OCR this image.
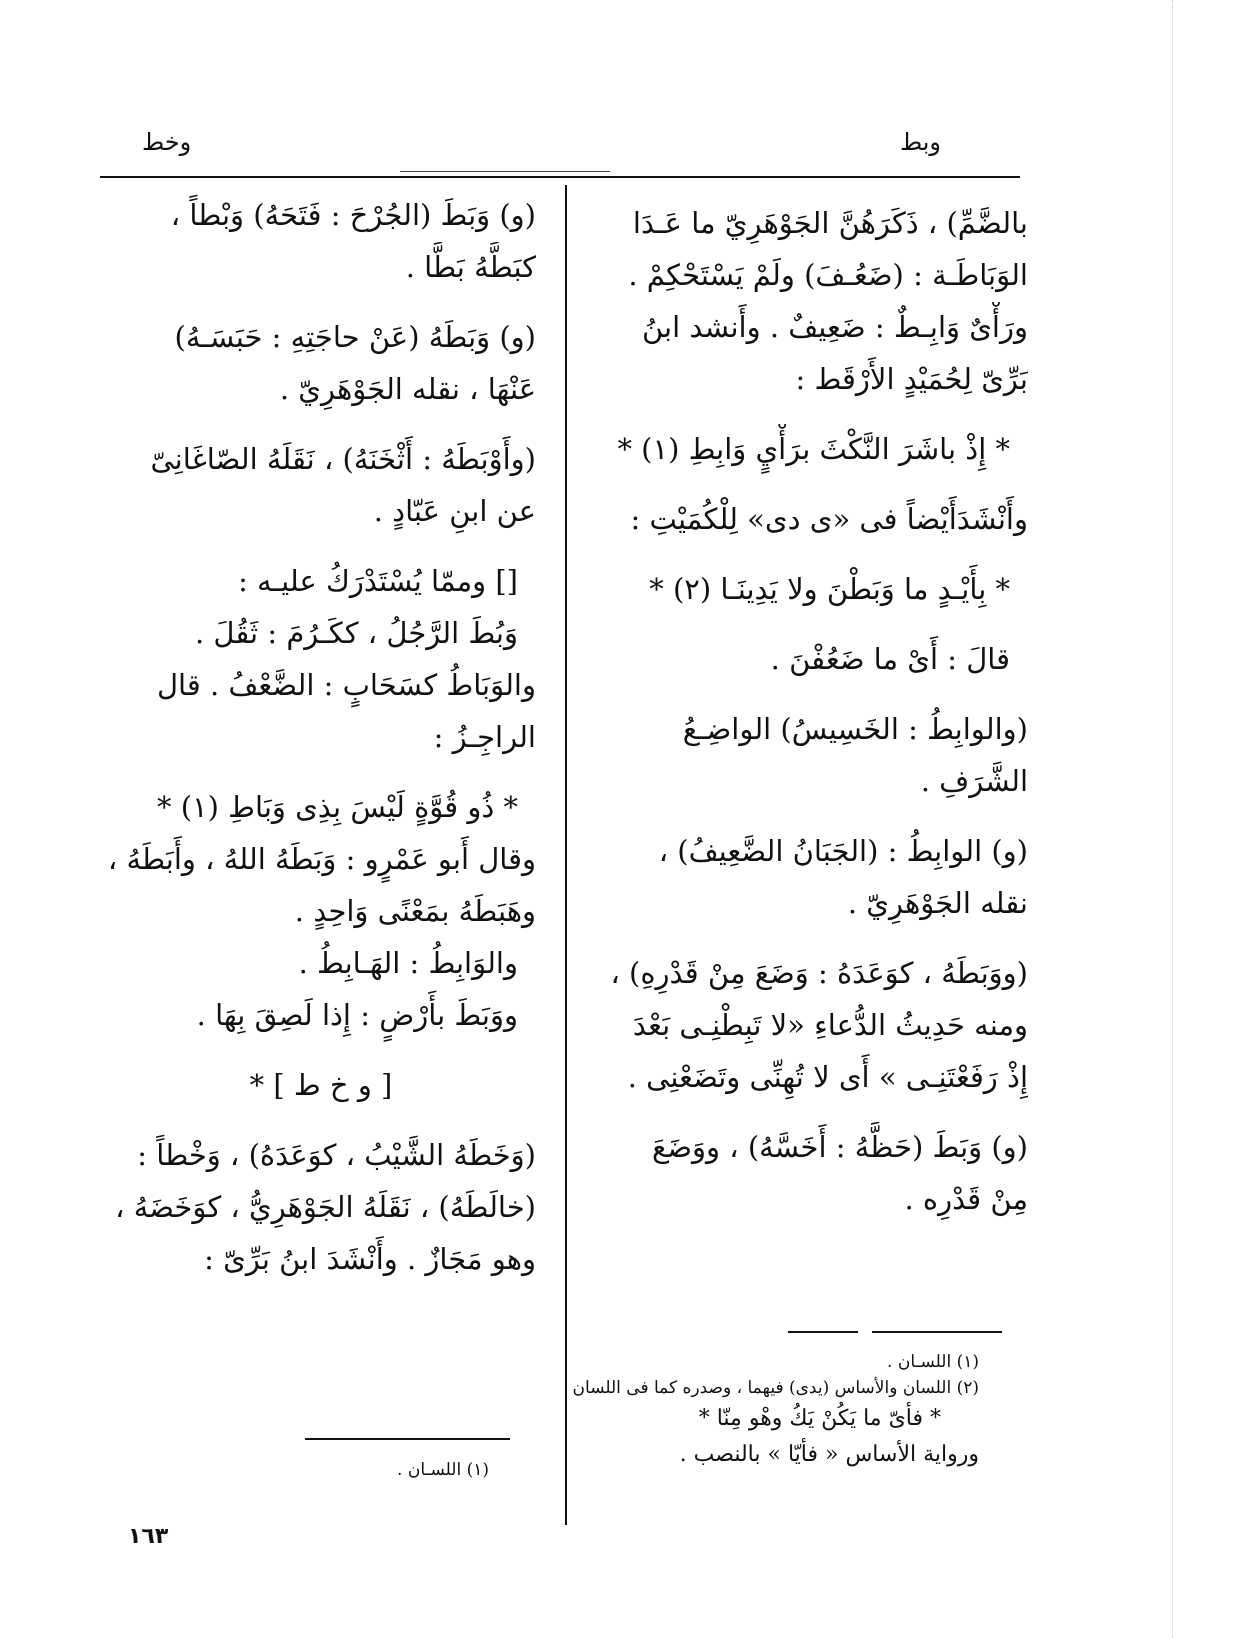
وبط
وخط
بالضَّمِّ) ، ذَكَرَهُنَّ الجَوْهَرِيّ ما عَـدَا
الوَبَاطَـة : (ضَعُـفَ) ولَمْ يَسْتَحْكِمْ .
ورَأْىٌ وَابِـطٌ : ضَعِيفٌ . وأَنشد ابنُ
بَرِّىّ لِحُمَيْدٍ الأَرْقَط :
* إِذْ باشَرَ النَّكْثَ برَأْيٍ وَابِطِ (١) *
وأَنْشَدَأَيْضاً فى «ى دى» لِلْكُمَيْتِ :
* بِأَيْـدٍ ما وَبَطْنَ ولا يَدِينَـا (٢) *
قالَ : أَىْ ما ضَعُفْنَ .
(والوابِطُ : الخَسِيسُ) الواضِـعُ
الشَّرَفِ .
(و) الوابِطُ : (الجَبَانُ الضَّعِيفُ) ،
نقله الجَوْهَرِيّ .
(ووَبَطَهُ ، كوَعَدَهُ : وَضَعَ مِنْ قَدْرِهِ) ،
ومنه حَدِيثُ الدُّعاءِ «لا تَبِطْنِـى بَعْدَ
إِذْ رَفَعْتَنِـى » أَى لا تُهِنِّى وتَضَعْنِى .
(و) وَبَطَ (حَظَّهُ : أَخَسَّهُ) ، ووَضَعَ
مِنْ قَدْرِه .
(١) اللسـان .
(٢) اللسان والأساس (يدى) فيهما ، وصدره كما فى اللسان
* فأىّ ما يَكُنْ يَكُ وهْو مِنّا *
ورواية الأساس « فأيّا » بالنصب .
(و) وَبَطَ (الجُرْحَ : فَتَحَهُ) وَبْطاً ،
كبَطَّهُ بَطًّا .
(و) وَبَطَهُ (عَنْ حاجَتِهِ : حَبَسَـهُ)
عَنْهَا ، نقله الجَوْهَرِيّ .
(وأَوْبَطَهُ : أَثْخَنَهُ) ، نَقَلَهُ الصّاغَانِىّ
عن ابنِ عَبّادٍ .
[] وممّا يُسْتَدْرَكُ عليـه :
وَبُطَ الرَّجُلُ ، ككَـرُمَ : ثَقُلَ .
والوَبَاطُ كسَحَابٍ : الضَّعْفُ . قال
الراجِـزُ :
* ذُو قُوَّةٍ لَيْسَ بِذِى وَبَاطِ (١) *
وقال أَبو عَمْرٍو : وَبَطَهُ اللهُ ، وأَبَطَهُ ،
وهَبَطَهُ بمَعْنًى وَاحِدٍ .
والوَابِطُ : الهَـابِطُ .
ووَبَطَ بأَرْضٍ : إِذا لَصِقَ بِهَا .
[ و خ ط ] *
(وَخَطَهُ الشَّيْبُ ، كوَعَدَهُ) ، وَخْطاً :
(خالَطَهُ) ، نَقَلَهُ الجَوْهَرِيُّ ، كوَخَضَهُ ،
وهو مَجَازٌ . وأَنْشَدَ ابنُ بَرِّىّ :
(١) اللسـان .
١٦٣
